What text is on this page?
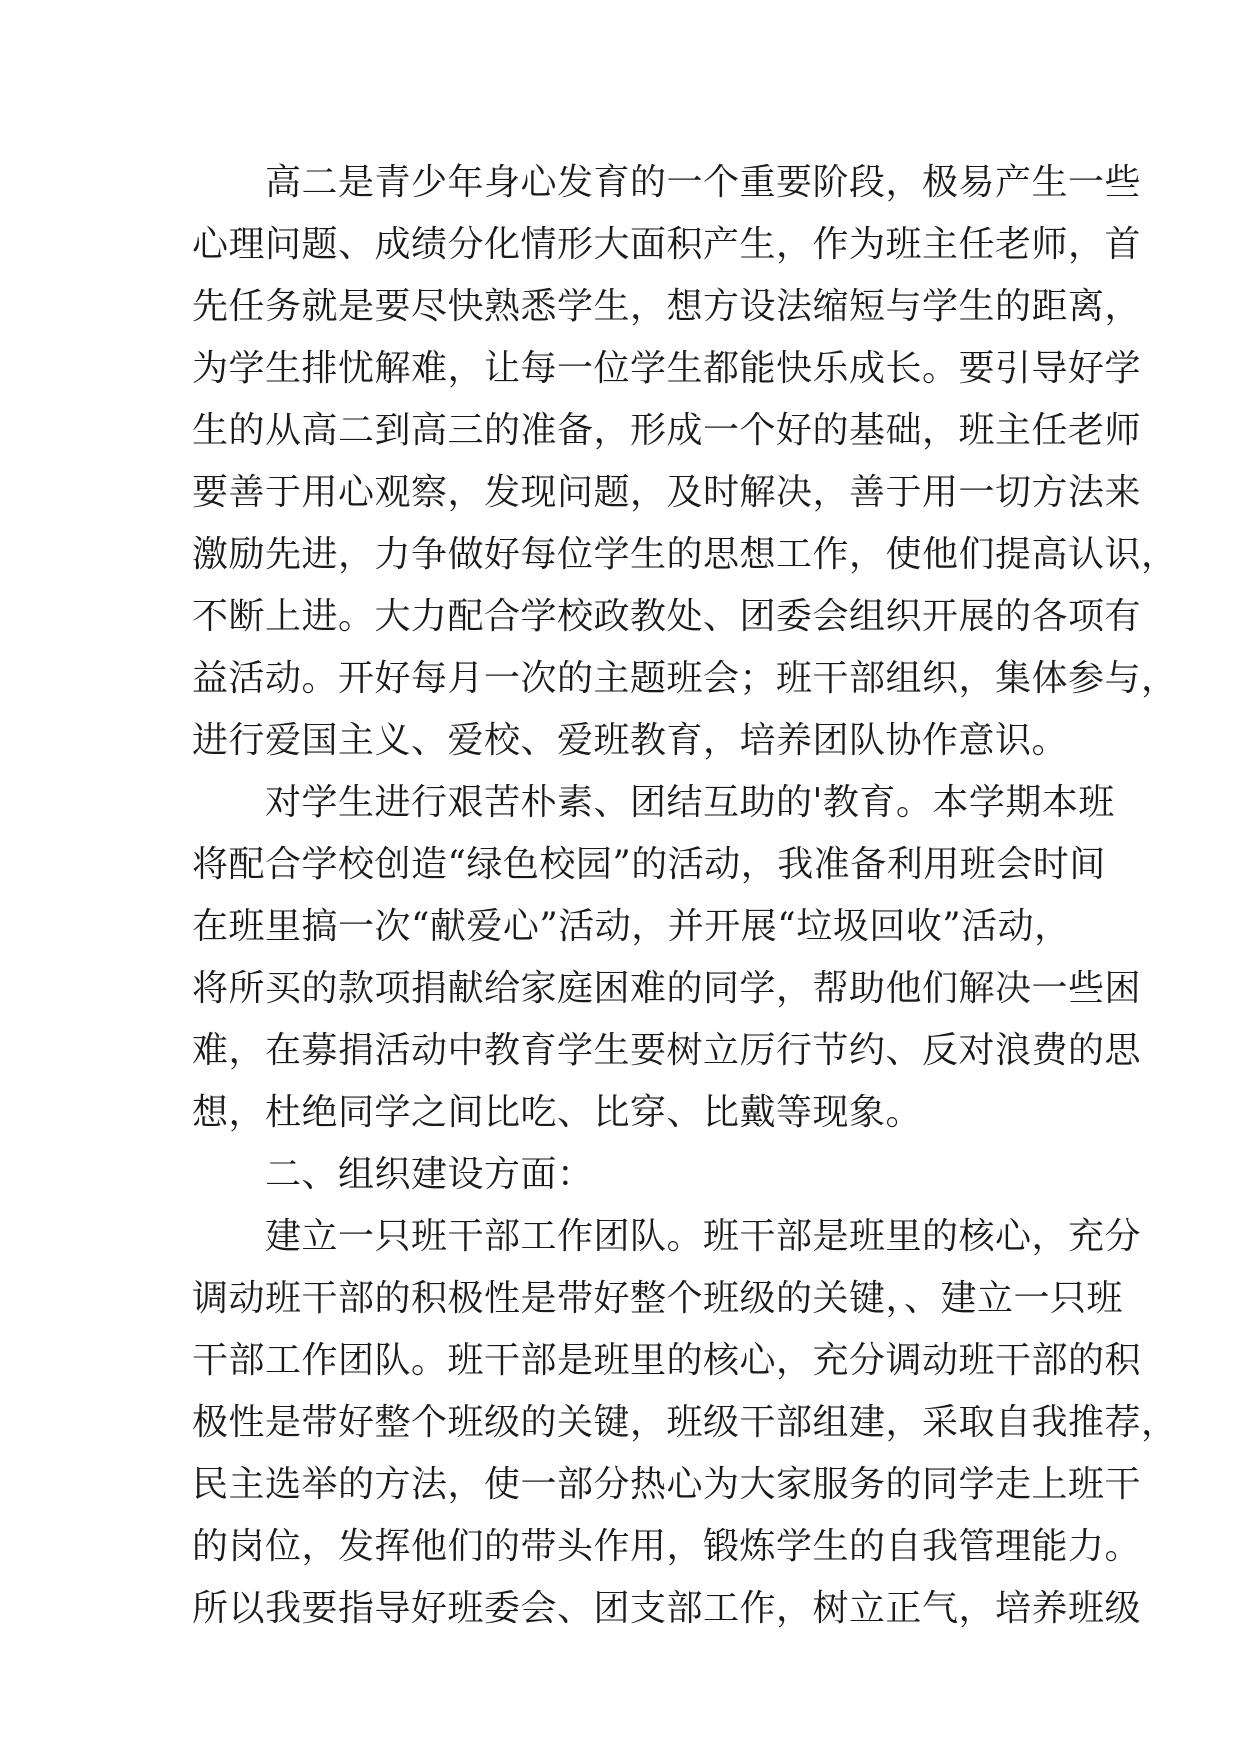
　　高二是青少年身心发育的一个重要阶段，极易产生一些
心理问题、成绩分化情形大面积产生，作为班主任老师，首
先任务就是要尽快熟悉学生，想方设法缩短与学生的距离，
为学生排忧解难，让每一位学生都能快乐成长。要引导好学
生的从高二到高三的准备，形成一个好的基础，班主任老师
要善于用心观察，发现问题，及时解决，善于用一切方法来
激励先进，力争做好每位学生的思想工作，使他们提高认识，
不断上进。大力配合学校政教处、团委会组织开展的各项有
益活动。开好每月一次的主题班会；班干部组织，集体参与，
进行爱国主义、爱校、爱班教育，培养团队协作意识。
　　对学生进行艰苦朴素、团结互助的'教育。本学期本班
将配合学校创造“绿色校园”的活动，我准备利用班会时间
在班里搞一次“献爱心”活动，并开展“垃圾回收”活动，
将所买的款项捐献给家庭困难的同学，帮助他们解决一些困
难，在募捐活动中教育学生要树立厉行节约、反对浪费的思
想，杜绝同学之间比吃、比穿、比戴等现象。
　　二、组织建设方面：
　　建立一只班干部工作团队。班干部是班里的核心，充分
调动班干部的积极性是带好整个班级的关键，、建立一只班
干部工作团队。班干部是班里的核心，充分调动班干部的积
极性是带好整个班级的关键，班级干部组建，采取自我推荐，
民主选举的方法，使一部分热心为大家服务的同学走上班干
的岗位，发挥他们的带头作用，锻炼学生的自我管理能力。
所以我要指导好班委会、团支部工作，树立正气，培养班级
